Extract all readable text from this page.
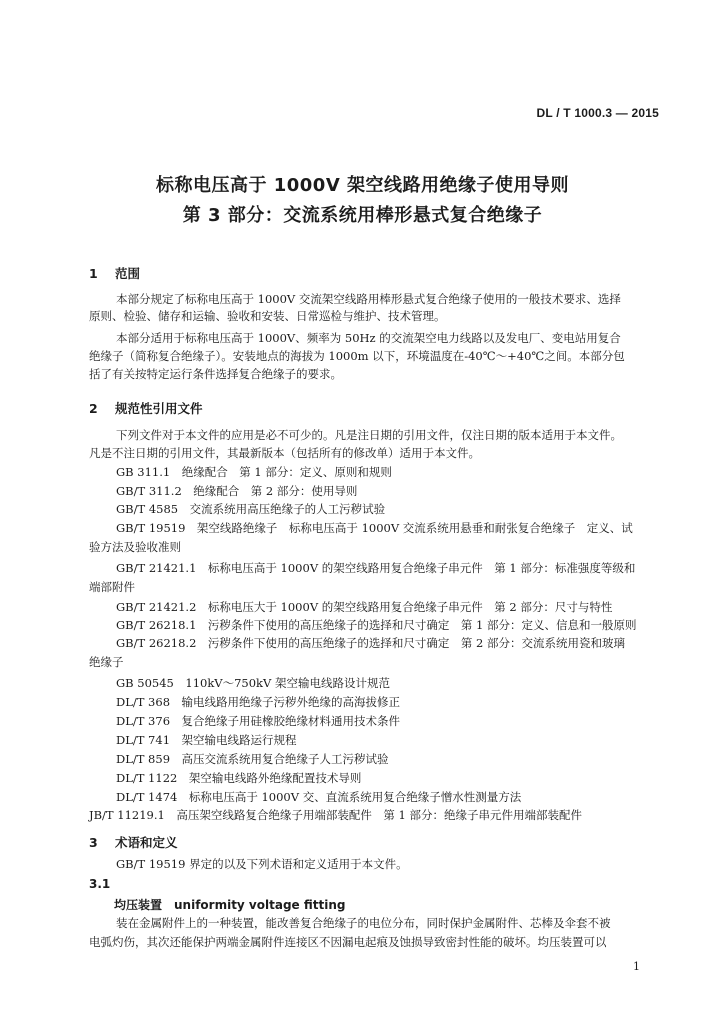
DL / T 1000.3 — 2015
标称电压高于 1000V 架空线路用绝缘子使用导则
第 3 部分：交流系统用棒形悬式复合绝缘子
1 范围
本部分规定了标称电压高于 1000V 交流架空线路用棒形悬式复合绝缘子使用的一般技术要求、选择
原则、检验、储存和运输、验收和安装、日常巡检与维护、技术管理。
本部分适用于标称电压高于 1000V、频率为 50Hz 的交流架空电力线路以及发电厂、变电站用复合
绝缘子（简称复合绝缘子）。安装地点的海拔为 1000m 以下，环境温度在-40℃～+40℃之间。本部分包
括了有关按特定运行条件选择复合绝缘子的要求。
2 规范性引用文件
下列文件对于本文件的应用是必不可少的。凡是注日期的引用文件，仅注日期的版本适用于本文件。
凡是不注日期的引用文件，其最新版本（包括所有的修改单）适用于本文件。
GB 311.1　绝缘配合　第 1 部分：定义、原则和规则
GB/T 311.2　绝缘配合　第 2 部分：使用导则
GB/T 4585　交流系统用高压绝缘子的人工污秽试验
GB/T 19519　架空线路绝缘子　标称电压高于 1000V 交流系统用悬垂和耐张复合绝缘子　定义、试
验方法及验收准则
GB/T 21421.1　标称电压高于 1000V 的架空线路用复合绝缘子串元件　第 1 部分：标准强度等级和
端部附件
GB/T 21421.2　标称电压大于 1000V 的架空线路用复合绝缘子串元件　第 2 部分：尺寸与特性
GB/T 26218.1　污秽条件下使用的高压绝缘子的选择和尺寸确定　第 1 部分：定义、信息和一般原则
GB/T 26218.2　污秽条件下使用的高压绝缘子的选择和尺寸确定　第 2 部分：交流系统用瓷和玻璃
绝缘子
GB 50545　110kV～750kV 架空输电线路设计规范
DL/T 368　输电线路用绝缘子污秽外绝缘的高海拔修正
DL/T 376　复合绝缘子用硅橡胶绝缘材料通用技术条件
DL/T 741　架空输电线路运行规程
DL/T 859　高压交流系统用复合绝缘子人工污秽试验
DL/T 1122　架空输电线路外绝缘配置技术导则
DL/T 1474　标称电压高于 1000V 交、直流系统用复合绝缘子憎水性测量方法
JB/T 11219.1　高压架空线路复合绝缘子用端部装配件　第 1 部分：绝缘子串元件用端部装配件
3 术语和定义
GB/T 19519 界定的以及下列术语和定义适用于本文件。
3.1
均压装置　uniformity voltage fitting
装在金属附件上的一种装置，能改善复合绝缘子的电位分布，同时保护金属附件、芯棒及伞套不被
电弧灼伤，其次还能保护两端金属附件连接区不因漏电起痕及蚀损导致密封性能的破坏。均压装置可以
1
